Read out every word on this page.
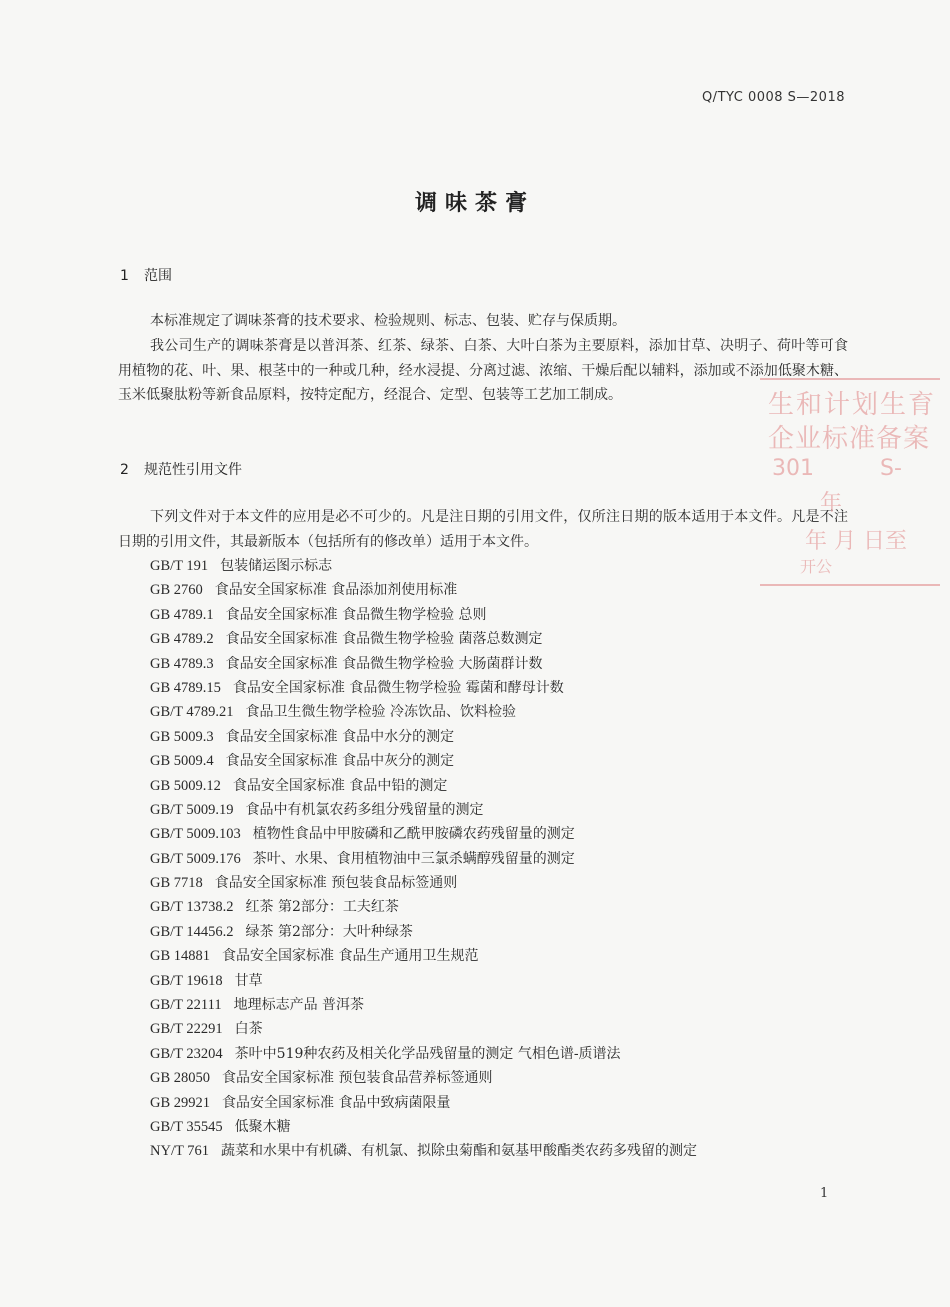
Q/TYC 0008 S—2018
调味茶膏
1 范围
本标准规定了调味茶膏的技术要求、检验规则、标志、包装、贮存与保质期。
我公司生产的调味茶膏是以普洱茶、红茶、绿茶、白茶、大叶白茶为主要原料，添加甘草、决明子、荷叶等可食用植物的花、叶、果、根茎中的一种或几种，经水浸提、分离过滤、浓缩、干燥后配以辅料，添加或不添加低聚木糖、玉米低聚肽粉等新食品原料，按特定配方，经混合、定型、包装等工艺加工制成。
2 规范性引用文件
下列文件对于本文件的应用是必不可少的。凡是注日期的引用文件，仅所注日期的版本适用于本文件。凡是不注日期的引用文件，其最新版本（包括所有的修改单）适用于本文件。
GB/T 191 包装储运图示标志
GB 2760 食品安全国家标准 食品添加剂使用标准
GB 4789.1 食品安全国家标准 食品微生物学检验 总则
GB 4789.2 食品安全国家标准 食品微生物学检验 菌落总数测定
GB 4789.3 食品安全国家标准 食品微生物学检验 大肠菌群计数
GB 4789.15 食品安全国家标准 食品微生物学检验 霉菌和酵母计数
GB/T 4789.21 食品卫生微生物学检验 冷冻饮品、饮料检验
GB 5009.3 食品安全国家标准 食品中水分的测定
GB 5009.4 食品安全国家标准 食品中灰分的测定
GB 5009.12 食品安全国家标准 食品中铅的测定
GB/T 5009.19 食品中有机氯农药多组分残留量的测定
GB/T 5009.103 植物性食品中甲胺磷和乙酰甲胺磷农药残留量的测定
GB/T 5009.176 茶叶、水果、食用植物油中三氯杀螨醇残留量的测定
GB 7718 食品安全国家标准 预包装食品标签通则
GB/T 13738.2 红茶 第2部分：工夫红茶
GB/T 14456.2 绿茶 第2部分：大叶种绿茶
GB 14881 食品安全国家标准 食品生产通用卫生规范
GB/T 19618 甘草
GB/T 22111 地理标志产品 普洱茶
GB/T 22291 白茶
GB/T 23204 茶叶中519种农药及相关化学品残留量的测定 气相色谱-质谱法
GB 28050 食品安全国家标准 预包装食品营养标签通则
GB 29921 食品安全国家标准 食品中致病菌限量
GB/T 35545 低聚木糖
NY/T 761 蔬菜和水果中有机磷、有机氯、拟除虫菊酯和氨基甲酸酯类农药多残留的测定
生和计划生育
企业标准备案
301	S-
年
年 月 日至
开公
1
